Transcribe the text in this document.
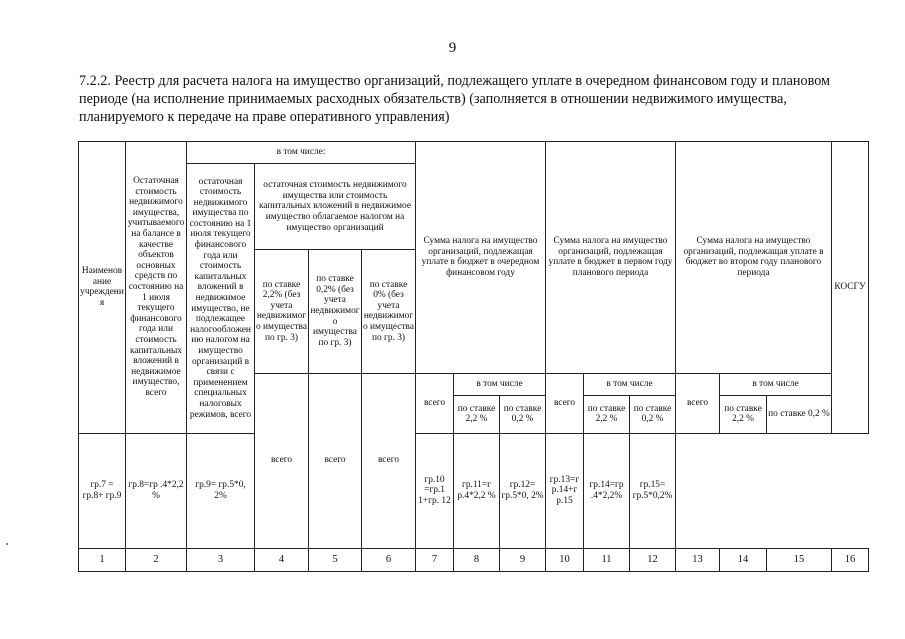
9
7.2.2. Реестр для расчета налога на имущество организаций, подлежащего уплате в очередном финансовом году и плановом периоде (на исполнение принимаемых расходных обязательств) (заполняется в отношении недвижимого имущества, планируемого к передаче на праве оперативного управления)
Наименование учреждения	Остаточная стоимость недвижимого имущества, учитываемого на балансе в качестве объектов основных средств по состоянию на 1 июля текущего финансового года или стоимость капитальных вложений в недвижимое имущество, всего	в том числе:				Сумма налога на имущество организаций, подлежащая уплате в бюджет в очередном финансовом году			Сумма налога на имущество организаций, подлежащая уплате в бюджет в первом году планового периода			Сумма налога на имущество организаций, подлежащая уплате в бюджет во втором году планового периода			КОСГУ
		остаточная стоимость недвижимого имущества по состоянию на 1 июля текущего финансового года или стоимость капитальных вложений в недвижимое имущество, не подлежащее налогообложению налогом на имущество организаций в связи с применением специальных налоговых режимов, всего	остаточная стоимость недвижимого имущества или стоимость капитальных вложений в недвижимое имущество облагаемое налогом на имущество организаций												
			по ставке 2,2% (без учета недвижимого имущества по гр. 3)	по ставке 0,2% (без учета недвижимого имущества по гр. 3)	по ставке 0% (без учета недвижимого имущества по гр. 3)										
			всего	всего	всего	всего	в том числе		всего	в том числе		всего	в том числе		
							по ставке 2,2 %	по ставке 0,2 %		по ставке 2,2 %	по ставке 0,2 %		по ставке 2,2 %	по ставке 0,2 %	
гр.7 = гр.8+ гр.9	гр.8=гр .4*2,2 %	гр.9= гр.5*0, 2%				гр.10 =гр.1 1+гр. 12	гр.11=г р.4*2,2 %	гр.12= гр.5*0, 2%	гр.13=г р.14+г р.15	гр.14=гр .4*2,2%	гр.15= гр.5*0,2%				
1	2	3	4	5	6	7	8	9	10	11	12	13	14	15	16
